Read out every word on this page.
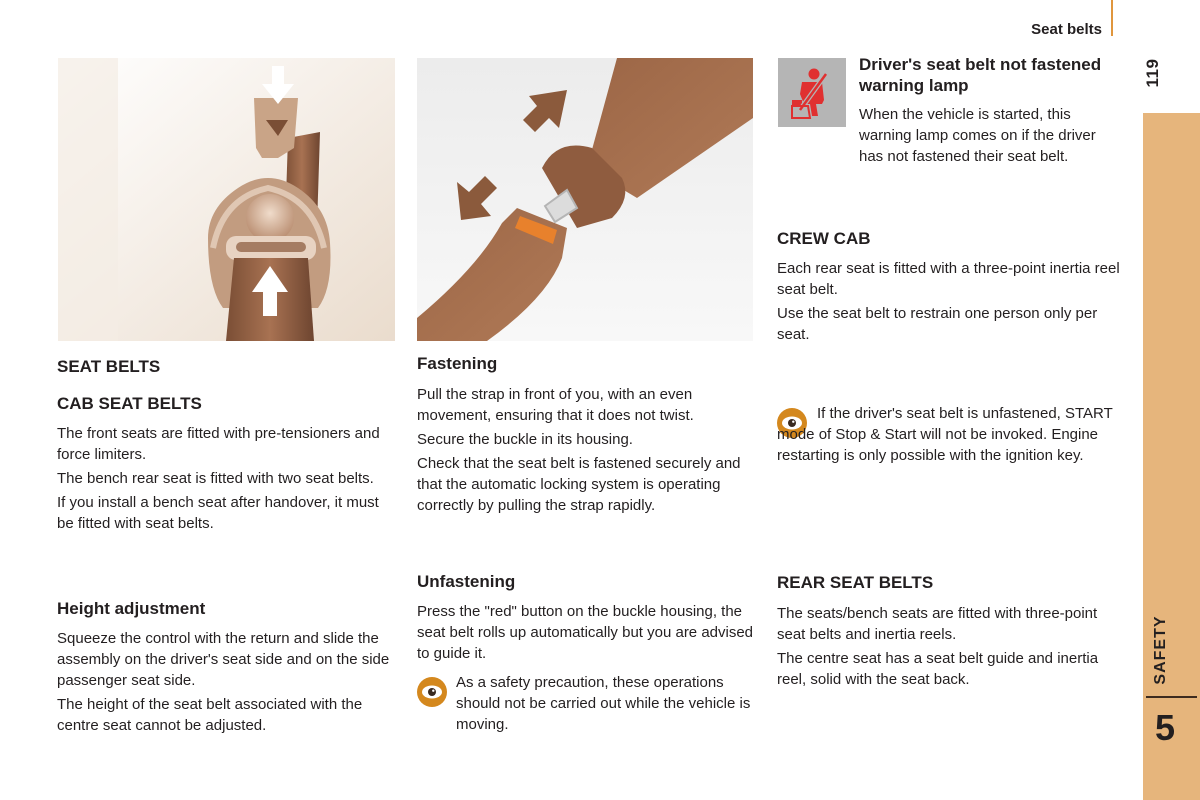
Seat belts
119
SAFETY
5
SEAT BELTS
CAB SEAT BELTS

The front seats are fitted with pre-tensioners and force limiters.

The bench rear seat is fitted with two seat belts.

If you install a bench seat after handover, it must be fitted with seat belts.

Height adjustment

Squeeze the control with the return and slide the assembly on the driver's seat side and on the side passenger seat side.

The height of the seat belt associated with the centre seat cannot be adjusted.

Fastening

Pull the strap in front of you, with an even movement, ensuring that it does not twist.

Secure the buckle in its housing.

Check that the seat belt is fastened securely and that the automatic locking system is operating correctly by pulling the strap rapidly.

Unfastening

Press the "red" button on the buckle housing, the seat belt rolls up automatically but you are advised to guide it.

As a safety precaution, these operations should not be carried out while the vehicle is moving.

Driver's seat belt not fastened warning lamp

When the vehicle is started, this warning lamp comes on if the driver has not fastened their seat belt.

CREW CAB

Each rear seat is fitted with a three-point inertia reel seat belt.

Use the seat belt to restrain one person only per seat.

If the driver's seat belt is unfastened, START mode of Stop & Start will not be invoked. Engine restarting is only possible with the ignition key.

REAR SEAT BELTS

The seats/bench seats are fitted with three-point seat belts and inertia reels.

The centre seat has a seat belt guide and inertia reel, solid with the seat back.
